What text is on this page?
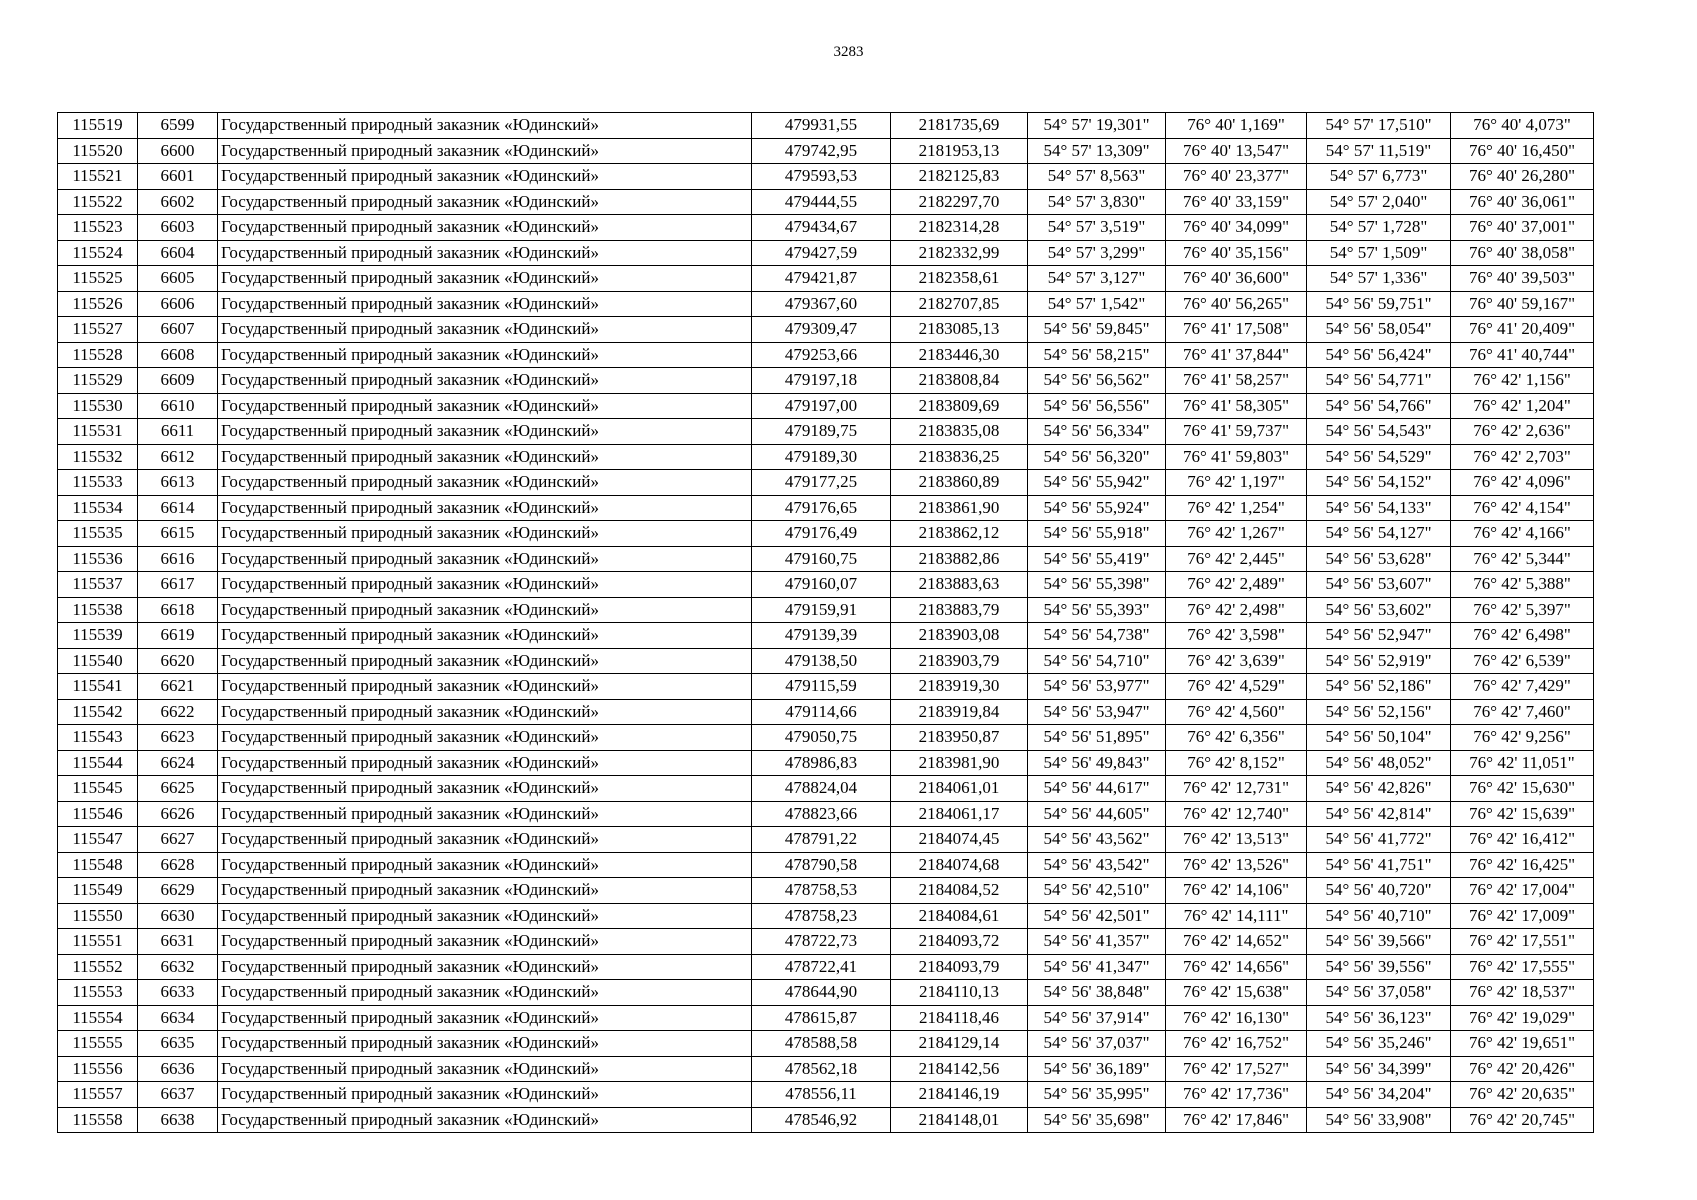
3283
115519	6599	Государственный природный заказник «Юдинский»	479931,55	2181735,69	54° 57' 19,301"	76° 40' 1,169"	54° 57' 17,510"	76° 40' 4,073"
115520	6600	Государственный природный заказник «Юдинский»	479742,95	2181953,13	54° 57' 13,309"	76° 40' 13,547"	54° 57' 11,519"	76° 40' 16,450"
115521	6601	Государственный природный заказник «Юдинский»	479593,53	2182125,83	54° 57' 8,563"	76° 40' 23,377"	54° 57' 6,773"	76° 40' 26,280"
115522	6602	Государственный природный заказник «Юдинский»	479444,55	2182297,70	54° 57' 3,830"	76° 40' 33,159"	54° 57' 2,040"	76° 40' 36,061"
115523	6603	Государственный природный заказник «Юдинский»	479434,67	2182314,28	54° 57' 3,519"	76° 40' 34,099"	54° 57' 1,728"	76° 40' 37,001"
115524	6604	Государственный природный заказник «Юдинский»	479427,59	2182332,99	54° 57' 3,299"	76° 40' 35,156"	54° 57' 1,509"	76° 40' 38,058"
115525	6605	Государственный природный заказник «Юдинский»	479421,87	2182358,61	54° 57' 3,127"	76° 40' 36,600"	54° 57' 1,336"	76° 40' 39,503"
115526	6606	Государственный природный заказник «Юдинский»	479367,60	2182707,85	54° 57' 1,542"	76° 40' 56,265"	54° 56' 59,751"	76° 40' 59,167"
115527	6607	Государственный природный заказник «Юдинский»	479309,47	2183085,13	54° 56' 59,845"	76° 41' 17,508"	54° 56' 58,054"	76° 41' 20,409"
115528	6608	Государственный природный заказник «Юдинский»	479253,66	2183446,30	54° 56' 58,215"	76° 41' 37,844"	54° 56' 56,424"	76° 41' 40,744"
115529	6609	Государственный природный заказник «Юдинский»	479197,18	2183808,84	54° 56' 56,562"	76° 41' 58,257"	54° 56' 54,771"	76° 42' 1,156"
115530	6610	Государственный природный заказник «Юдинский»	479197,00	2183809,69	54° 56' 56,556"	76° 41' 58,305"	54° 56' 54,766"	76° 42' 1,204"
115531	6611	Государственный природный заказник «Юдинский»	479189,75	2183835,08	54° 56' 56,334"	76° 41' 59,737"	54° 56' 54,543"	76° 42' 2,636"
115532	6612	Государственный природный заказник «Юдинский»	479189,30	2183836,25	54° 56' 56,320"	76° 41' 59,803"	54° 56' 54,529"	76° 42' 2,703"
115533	6613	Государственный природный заказник «Юдинский»	479177,25	2183860,89	54° 56' 55,942"	76° 42' 1,197"	54° 56' 54,152"	76° 42' 4,096"
115534	6614	Государственный природный заказник «Юдинский»	479176,65	2183861,90	54° 56' 55,924"	76° 42' 1,254"	54° 56' 54,133"	76° 42' 4,154"
115535	6615	Государственный природный заказник «Юдинский»	479176,49	2183862,12	54° 56' 55,918"	76° 42' 1,267"	54° 56' 54,127"	76° 42' 4,166"
115536	6616	Государственный природный заказник «Юдинский»	479160,75	2183882,86	54° 56' 55,419"	76° 42' 2,445"	54° 56' 53,628"	76° 42' 5,344"
115537	6617	Государственный природный заказник «Юдинский»	479160,07	2183883,63	54° 56' 55,398"	76° 42' 2,489"	54° 56' 53,607"	76° 42' 5,388"
115538	6618	Государственный природный заказник «Юдинский»	479159,91	2183883,79	54° 56' 55,393"	76° 42' 2,498"	54° 56' 53,602"	76° 42' 5,397"
115539	6619	Государственный природный заказник «Юдинский»	479139,39	2183903,08	54° 56' 54,738"	76° 42' 3,598"	54° 56' 52,947"	76° 42' 6,498"
115540	6620	Государственный природный заказник «Юдинский»	479138,50	2183903,79	54° 56' 54,710"	76° 42' 3,639"	54° 56' 52,919"	76° 42' 6,539"
115541	6621	Государственный природный заказник «Юдинский»	479115,59	2183919,30	54° 56' 53,977"	76° 42' 4,529"	54° 56' 52,186"	76° 42' 7,429"
115542	6622	Государственный природный заказник «Юдинский»	479114,66	2183919,84	54° 56' 53,947"	76° 42' 4,560"	54° 56' 52,156"	76° 42' 7,460"
115543	6623	Государственный природный заказник «Юдинский»	479050,75	2183950,87	54° 56' 51,895"	76° 42' 6,356"	54° 56' 50,104"	76° 42' 9,256"
115544	6624	Государственный природный заказник «Юдинский»	478986,83	2183981,90	54° 56' 49,843"	76° 42' 8,152"	54° 56' 48,052"	76° 42' 11,051"
115545	6625	Государственный природный заказник «Юдинский»	478824,04	2184061,01	54° 56' 44,617"	76° 42' 12,731"	54° 56' 42,826"	76° 42' 15,630"
115546	6626	Государственный природный заказник «Юдинский»	478823,66	2184061,17	54° 56' 44,605"	76° 42' 12,740"	54° 56' 42,814"	76° 42' 15,639"
115547	6627	Государственный природный заказник «Юдинский»	478791,22	2184074,45	54° 56' 43,562"	76° 42' 13,513"	54° 56' 41,772"	76° 42' 16,412"
115548	6628	Государственный природный заказник «Юдинский»	478790,58	2184074,68	54° 56' 43,542"	76° 42' 13,526"	54° 56' 41,751"	76° 42' 16,425"
115549	6629	Государственный природный заказник «Юдинский»	478758,53	2184084,52	54° 56' 42,510"	76° 42' 14,106"	54° 56' 40,720"	76° 42' 17,004"
115550	6630	Государственный природный заказник «Юдинский»	478758,23	2184084,61	54° 56' 42,501"	76° 42' 14,111"	54° 56' 40,710"	76° 42' 17,009"
115551	6631	Государственный природный заказник «Юдинский»	478722,73	2184093,72	54° 56' 41,357"	76° 42' 14,652"	54° 56' 39,566"	76° 42' 17,551"
115552	6632	Государственный природный заказник «Юдинский»	478722,41	2184093,79	54° 56' 41,347"	76° 42' 14,656"	54° 56' 39,556"	76° 42' 17,555"
115553	6633	Государственный природный заказник «Юдинский»	478644,90	2184110,13	54° 56' 38,848"	76° 42' 15,638"	54° 56' 37,058"	76° 42' 18,537"
115554	6634	Государственный природный заказник «Юдинский»	478615,87	2184118,46	54° 56' 37,914"	76° 42' 16,130"	54° 56' 36,123"	76° 42' 19,029"
115555	6635	Государственный природный заказник «Юдинский»	478588,58	2184129,14	54° 56' 37,037"	76° 42' 16,752"	54° 56' 35,246"	76° 42' 19,651"
115556	6636	Государственный природный заказник «Юдинский»	478562,18	2184142,56	54° 56' 36,189"	76° 42' 17,527"	54° 56' 34,399"	76° 42' 20,426"
115557	6637	Государственный природный заказник «Юдинский»	478556,11	2184146,19	54° 56' 35,995"	76° 42' 17,736"	54° 56' 34,204"	76° 42' 20,635"
115558	6638	Государственный природный заказник «Юдинский»	478546,92	2184148,01	54° 56' 35,698"	76° 42' 17,846"	54° 56' 33,908"	76° 42' 20,745"
